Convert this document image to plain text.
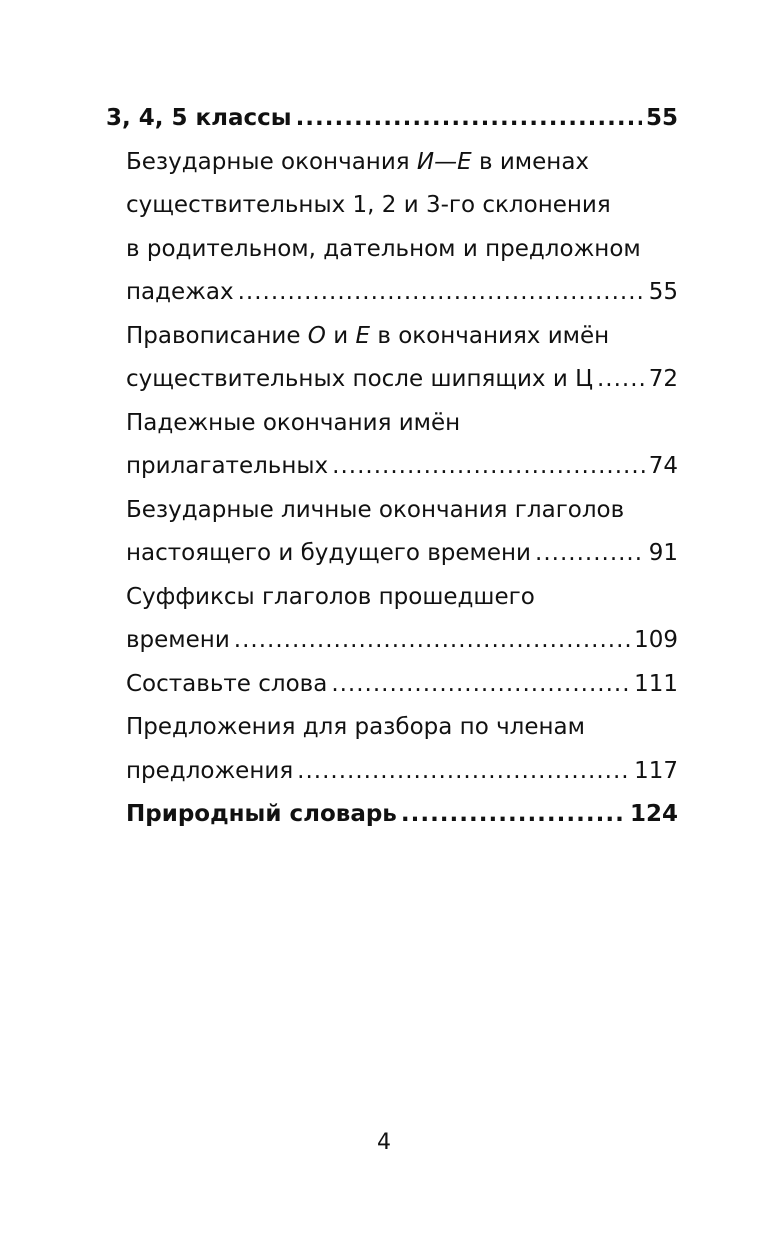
3, 4, 5 классы .....	55
Безударные окончания
И—Е
в именах
существительных 1, 2 и 3-го склонения
в родительном, дательном и предложном
падежах .....	55
Правописание
О
и
Е
в окончаниях имён
существительных после шипящих и Ц ..... 72
Падежные окончания имён
прилагательных .....	74
Безударные личные окончания глаголов
настоящего и будущего времени .....	91
Суффиксы глаголов прошедшего
времени .....	109
Составьте слова .....	111
Предложения для разбора по членам
предложения .....	117
Природный словарь .....	124
4
